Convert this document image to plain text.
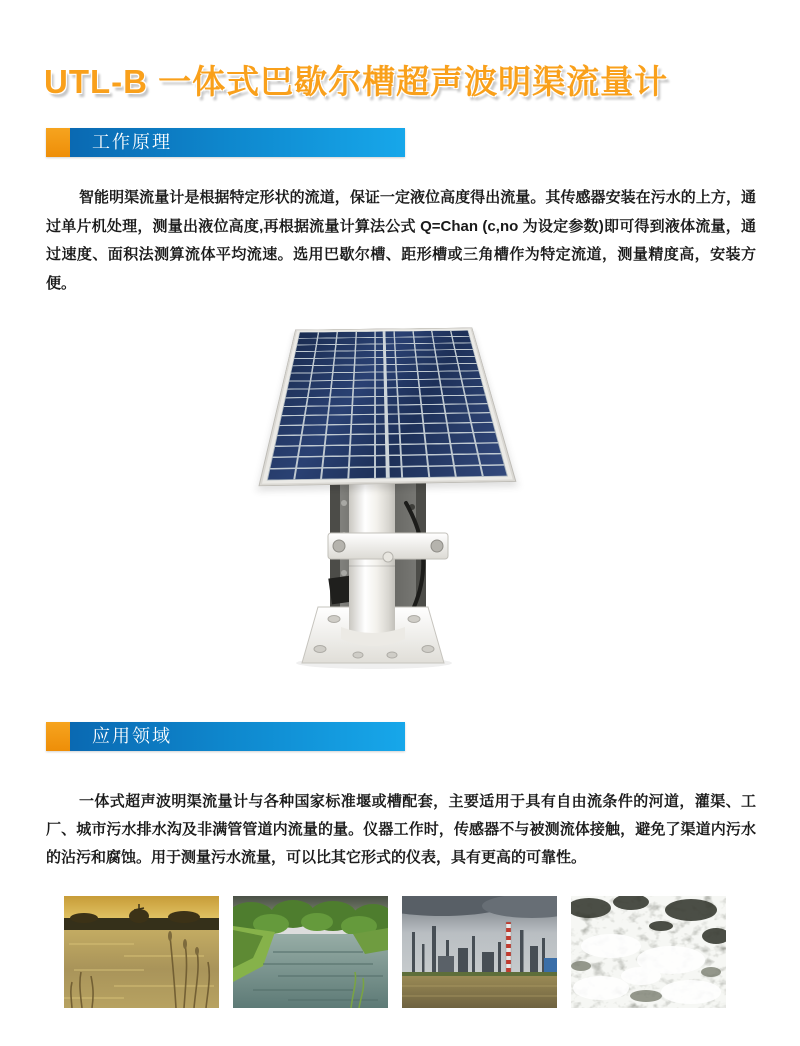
UTL-B 一体式巴歇尔槽超声波明渠流量计
工作原理
智能明渠流量计是根据特定形状的流道，保证一定液位高度得出流量。其传感器安装在污水的上方，通过单片机处理，测量出液位高度,再根据流量计算法公式 Q=Chan (c,no 为设定参数)即可得到液体流量，通过速度、面积法测算流体平均流速。选用巴歇尔槽、距形槽或三角槽作为特定流道，测量精度高，安装方便。
应用领域
一体式超声波明渠流量计与各种国家标准堰或槽配套，主要适用于具有自由流条件的河道，灌渠、工厂、城市污水排水沟及非满管管道内流量的量。仪器工作时，传感器不与被测流体接触，避免了渠道内污水的沾污和腐蚀。用于测量污水流量，可以比其它形式的仪表，具有更高的可靠性。
